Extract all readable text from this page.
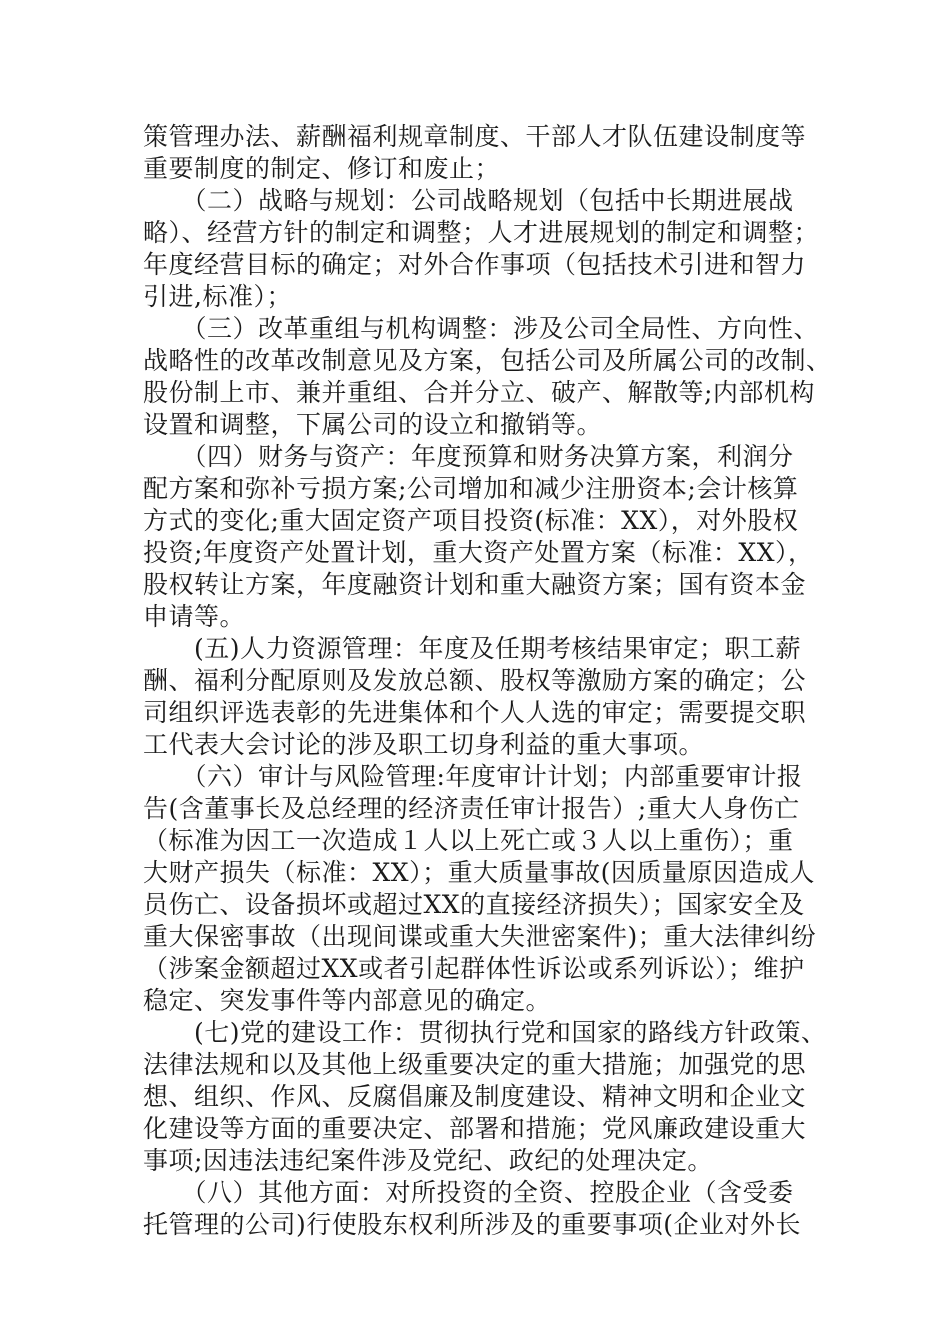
策管理办法、薪酬福利规章制度、干部人才队伍建设制度等
重要制度的制定、修订和废止；
　　（二）战略与规划：公司战略规划（包括中长期进展战
略）、经营方针的制定和调整；人才进展规划的制定和调整；
年度经营目标的确定；对外合作事项（包括技术引进和智力
引进,标准）；
　　（三）改革重组与机构调整：涉及公司全局性、方向性、
战略性的改革改制意见及方案，包括公司及所属公司的改制、
股份制上市、兼并重组、合并分立、破产、解散等;内部机构
设置和调整，下属公司的设立和撤销等。
　　（四）财务与资产：年度预算和财务决算方案，利润分
配方案和弥补亏损方案;公司增加和减少注册资本;会计核算
方式的变化;重大固定资产项目投资(标准：XX），对外股权
投资;年度资产处置计划，重大资产处置方案（标准：XX），
股权转让方案，年度融资计划和重大融资方案；国有资本金
申请等。
　　(五)人力资源管理：年度及任期考核结果审定；职工薪
酬、福利分配原则及发放总额、股权等激励方案的确定；公
司组织评选表彰的先进集体和个人人选的审定；需要提交职
工代表大会讨论的涉及职工切身利益的重大事项。
　　（六）审计与风险管理:年度审计计划；内部重要审计报
告(含董事长及总经理的经济责任审计报告）;重大人身伤亡
（标准为因工一次造成１人以上死亡或３人以上重伤）；重
大财产损失（标准：XX）；重大质量事故(因质量原因造成人
员伤亡、设备损坏或超过XX的直接经济损失）；国家安全及
重大保密事故（出现间谍或重大失泄密案件)；重大法律纠纷
（涉案金额超过XX或者引起群体性诉讼或系列诉讼）；维护
稳定、突发事件等内部意见的确定。
　　(七)党的建设工作：贯彻执行党和国家的路线方针政策、
法律法规和以及其他上级重要决定的重大措施；加强党的思
想、组织、作风、反腐倡廉及制度建设、精神文明和企业文
化建设等方面的重要决定、部署和措施；党风廉政建设重大
事项;因违法违纪案件涉及党纪、政纪的处理决定。
　　（八）其他方面：对所投资的全资、控股企业（含受委
托管理的公司)行使股东权利所涉及的重要事项(企业对外长
